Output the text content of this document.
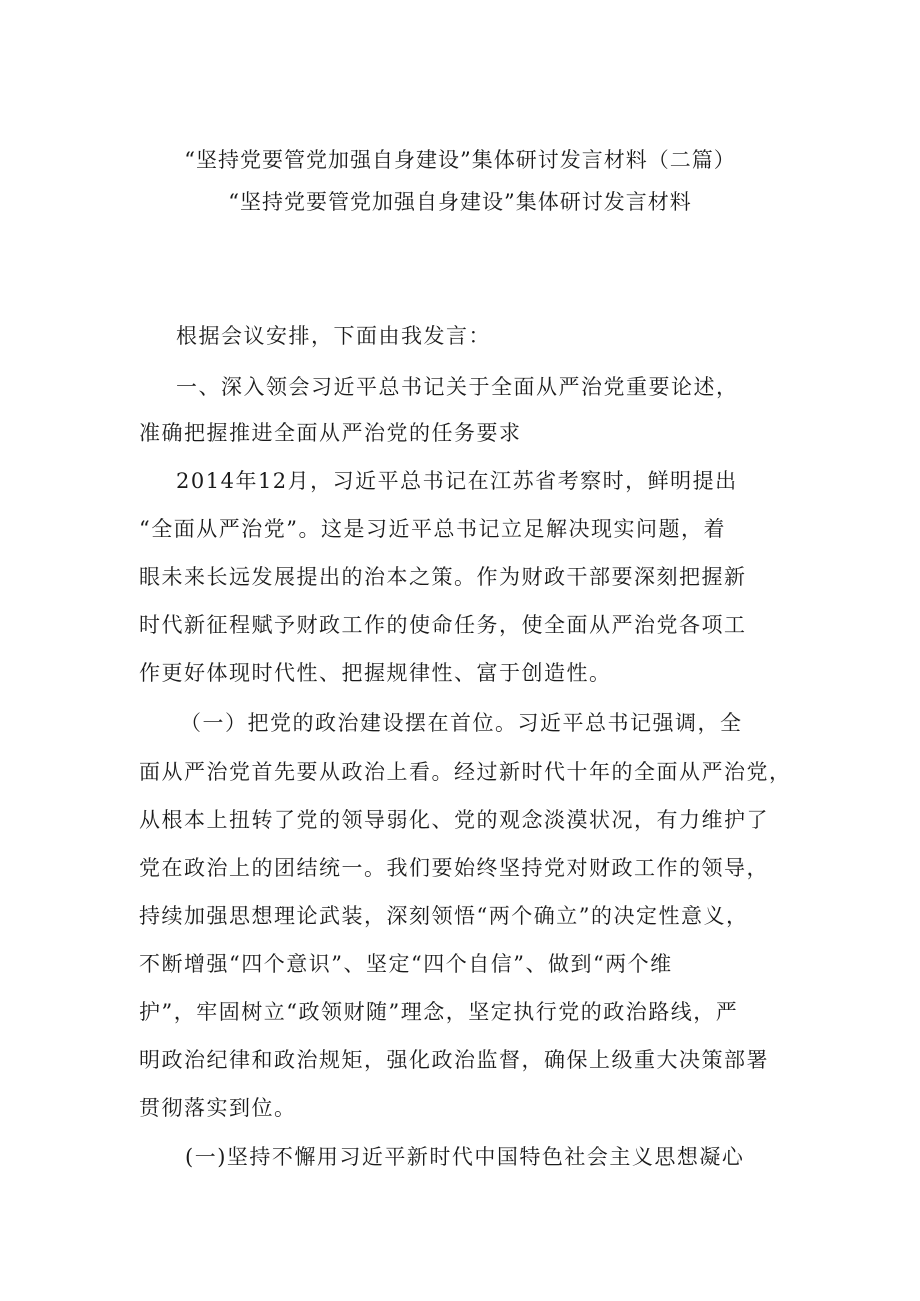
“坚持党要管党加强自身建设”集体研讨发言材料（二篇）
“坚持党要管党加强自身建设”集体研讨发言材料
根据会议安排，下面由我发言：
一、深入领会习近平总书记关于全面从严治党重要论述，
准确把握推进全面从严治党的任务要求
2014年12月，习近平总书记在江苏省考察时，鲜明提出
“全面从严治党”。这是习近平总书记立足解决现实问题，着
眼未来长远发展提出的治本之策。作为财政干部要深刻把握新
时代新征程赋予财政工作的使命任务，使全面从严治党各项工
作更好体现时代性、把握规律性、富于创造性。
（一）把党的政治建设摆在首位。习近平总书记强调，全
面从严治党首先要从政治上看。经过新时代十年的全面从严治党，
从根本上扭转了党的领导弱化、党的观念淡漠状况，有力维护了
党在政治上的团结统一。我们要始终坚持党对财政工作的领导，
持续加强思想理论武装，深刻领悟“两个确立”的决定性意义，
不断增强“四个意识”、坚定“四个自信”、做到“两个维
护”，牢固树立“政领财随”理念，坚定执行党的政治路线，严
明政治纪律和政治规矩，强化政治监督，确保上级重大决策部署
贯彻落实到位。
(一)坚持不懈用习近平新时代中国特色社会主义思想凝心
